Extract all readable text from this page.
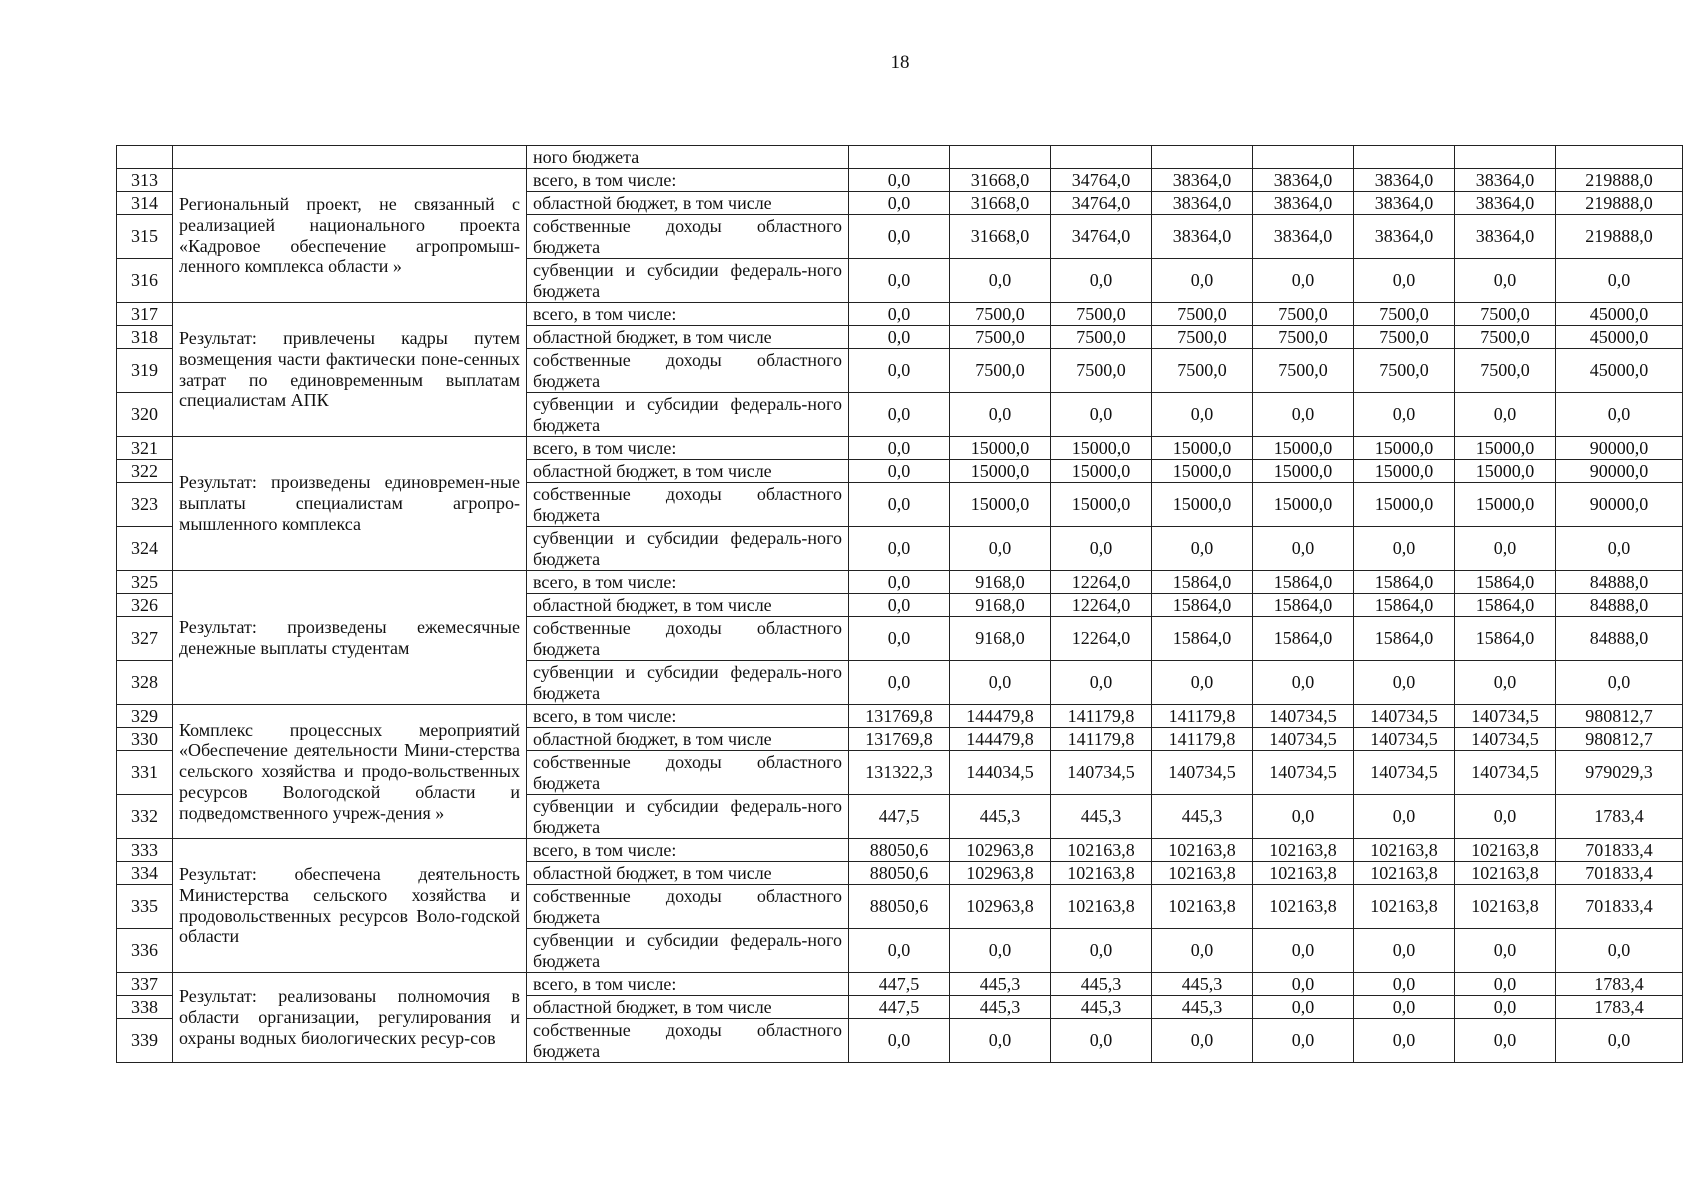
18
		ного бюджета								
313	Региональный проект, не связанный с реализацией национального проекта «Кадровое обеспечение агропромыш-ленного комплекса области »	всего, в том числе:	0,0	31668,0	34764,0	38364,0	38364,0	38364,0	38364,0	219888,0
314		областной бюджет, в том числе	0,0	31668,0	34764,0	38364,0	38364,0	38364,0	38364,0	219888,0
315		собственные доходы областного бюджета	0,0	31668,0	34764,0	38364,0	38364,0	38364,0	38364,0	219888,0
316		субвенции и субсидии федераль-ного бюджета	0,0	0,0	0,0	0,0	0,0	0,0	0,0	0,0
317	Результат: привлечены кадры путем возмещения части фактически поне-сенных затрат по единовременным выплатам специалистам АПК	всего, в том числе:	0,0	7500,0	7500,0	7500,0	7500,0	7500,0	7500,0	45000,0
318		областной бюджет, в том числе	0,0	7500,0	7500,0	7500,0	7500,0	7500,0	7500,0	45000,0
319		собственные доходы областного бюджета	0,0	7500,0	7500,0	7500,0	7500,0	7500,0	7500,0	45000,0
320		субвенции и субсидии федераль-ного бюджета	0,0	0,0	0,0	0,0	0,0	0,0	0,0	0,0
321	Результат: произведены единовремен-ные выплаты специалистам агропро-мышленного комплекса	всего, в том числе:	0,0	15000,0	15000,0	15000,0	15000,0	15000,0	15000,0	90000,0
322		областной бюджет, в том числе	0,0	15000,0	15000,0	15000,0	15000,0	15000,0	15000,0	90000,0
323		собственные доходы областного бюджета	0,0	15000,0	15000,0	15000,0	15000,0	15000,0	15000,0	90000,0
324		субвенции и субсидии федераль-ного бюджета	0,0	0,0	0,0	0,0	0,0	0,0	0,0	0,0
325	Результат: произведены ежемесячные денежные выплаты студентам	всего, в том числе:	0,0	9168,0	12264,0	15864,0	15864,0	15864,0	15864,0	84888,0
326		областной бюджет, в том числе	0,0	9168,0	12264,0	15864,0	15864,0	15864,0	15864,0	84888,0
327		собственные доходы областного бюджета	0,0	9168,0	12264,0	15864,0	15864,0	15864,0	15864,0	84888,0
328		субвенции и субсидии федераль-ного бюджета	0,0	0,0	0,0	0,0	0,0	0,0	0,0	0,0
329	Комплекс процессных мероприятий «Обеспечение деятельности Мини-стерства сельского хозяйства и продо-вольственных ресурсов Вологодской области и подведомственного учреж-дения »	всего, в том числе:	131769,8	144479,8	141179,8	141179,8	140734,5	140734,5	140734,5	980812,7
330		областной бюджет, в том числе	131769,8	144479,8	141179,8	141179,8	140734,5	140734,5	140734,5	980812,7
331		собственные доходы областного бюджета	131322,3	144034,5	140734,5	140734,5	140734,5	140734,5	140734,5	979029,3
332		субвенции и субсидии федераль-ного бюджета	447,5	445,3	445,3	445,3	0,0	0,0	0,0	1783,4
333	Результат: обеспечена деятельность Министерства сельского хозяйства и продовольственных ресурсов Воло-годской области	всего, в том числе:	88050,6	102963,8	102163,8	102163,8	102163,8	102163,8	102163,8	701833,4
334		областной бюджет, в том числе	88050,6	102963,8	102163,8	102163,8	102163,8	102163,8	102163,8	701833,4
335		собственные доходы областного бюджета	88050,6	102963,8	102163,8	102163,8	102163,8	102163,8	102163,8	701833,4
336		субвенции и субсидии федераль-ного бюджета	0,0	0,0	0,0	0,0	0,0	0,0	0,0	0,0
337	Результат: реализованы полномочия в области организации, регулирования и охраны водных биологических ресур-сов	всего, в том числе:	447,5	445,3	445,3	445,3	0,0	0,0	0,0	1783,4
338		областной бюджет, в том числе	447,5	445,3	445,3	445,3	0,0	0,0	0,0	1783,4
339		собственные доходы областного бюджета	0,0	0,0	0,0	0,0	0,0	0,0	0,0	0,0
